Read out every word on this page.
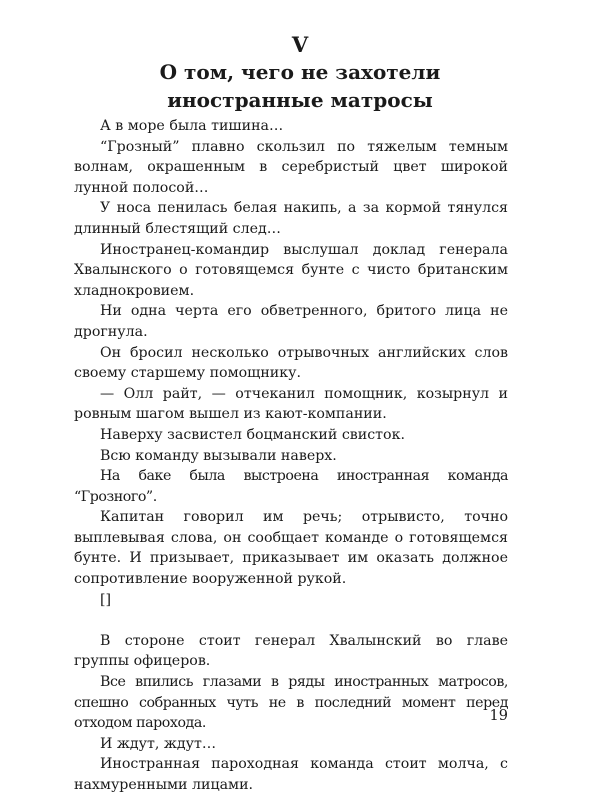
V
О том, чего не захотели иностранные матросы

А в море была тишина…

“Грозный” плавно скользил по тяжелым темным волнам, окрашенным в серебристый цвет широкой лунной полосой…

У носа пенилась белая накипь, а за кормой тянулся длинный блестящий след…

Иностранец-командир выслушал доклад генерала Хвалынского о готовящемся бунте с чисто британским хладнокровием.

Ни одна черта его обветренного, бритого лица не дрогнула.

Он бросил несколько отрывочных английских слов своему старшему помощнику.

— Олл райт, — отчеканил помощник, козырнул и ровным шагом вышел из кают-компании.

Наверху засвистел боцманский свисток.

Всю команду вызывали наверх.

На баке была выстроена иностранная команда “Грозного”.

Капитан говорил им речь; отрывисто, точно выплевывая слова, он сообщает команде о готовящемся бунте. И призывает, приказывает им оказать должное сопротивление вооруженной рукой.

[]

В стороне стоит генерал Хвалынский во главе группы офицеров.

Все впились глазами в ряды иностранных матросов, спешно собранных чуть не в последний момент перед отходом парохода.

И ждут, ждут…

Иностранная пароходная команда стоит молча, с нахмуренными лицами.

19
